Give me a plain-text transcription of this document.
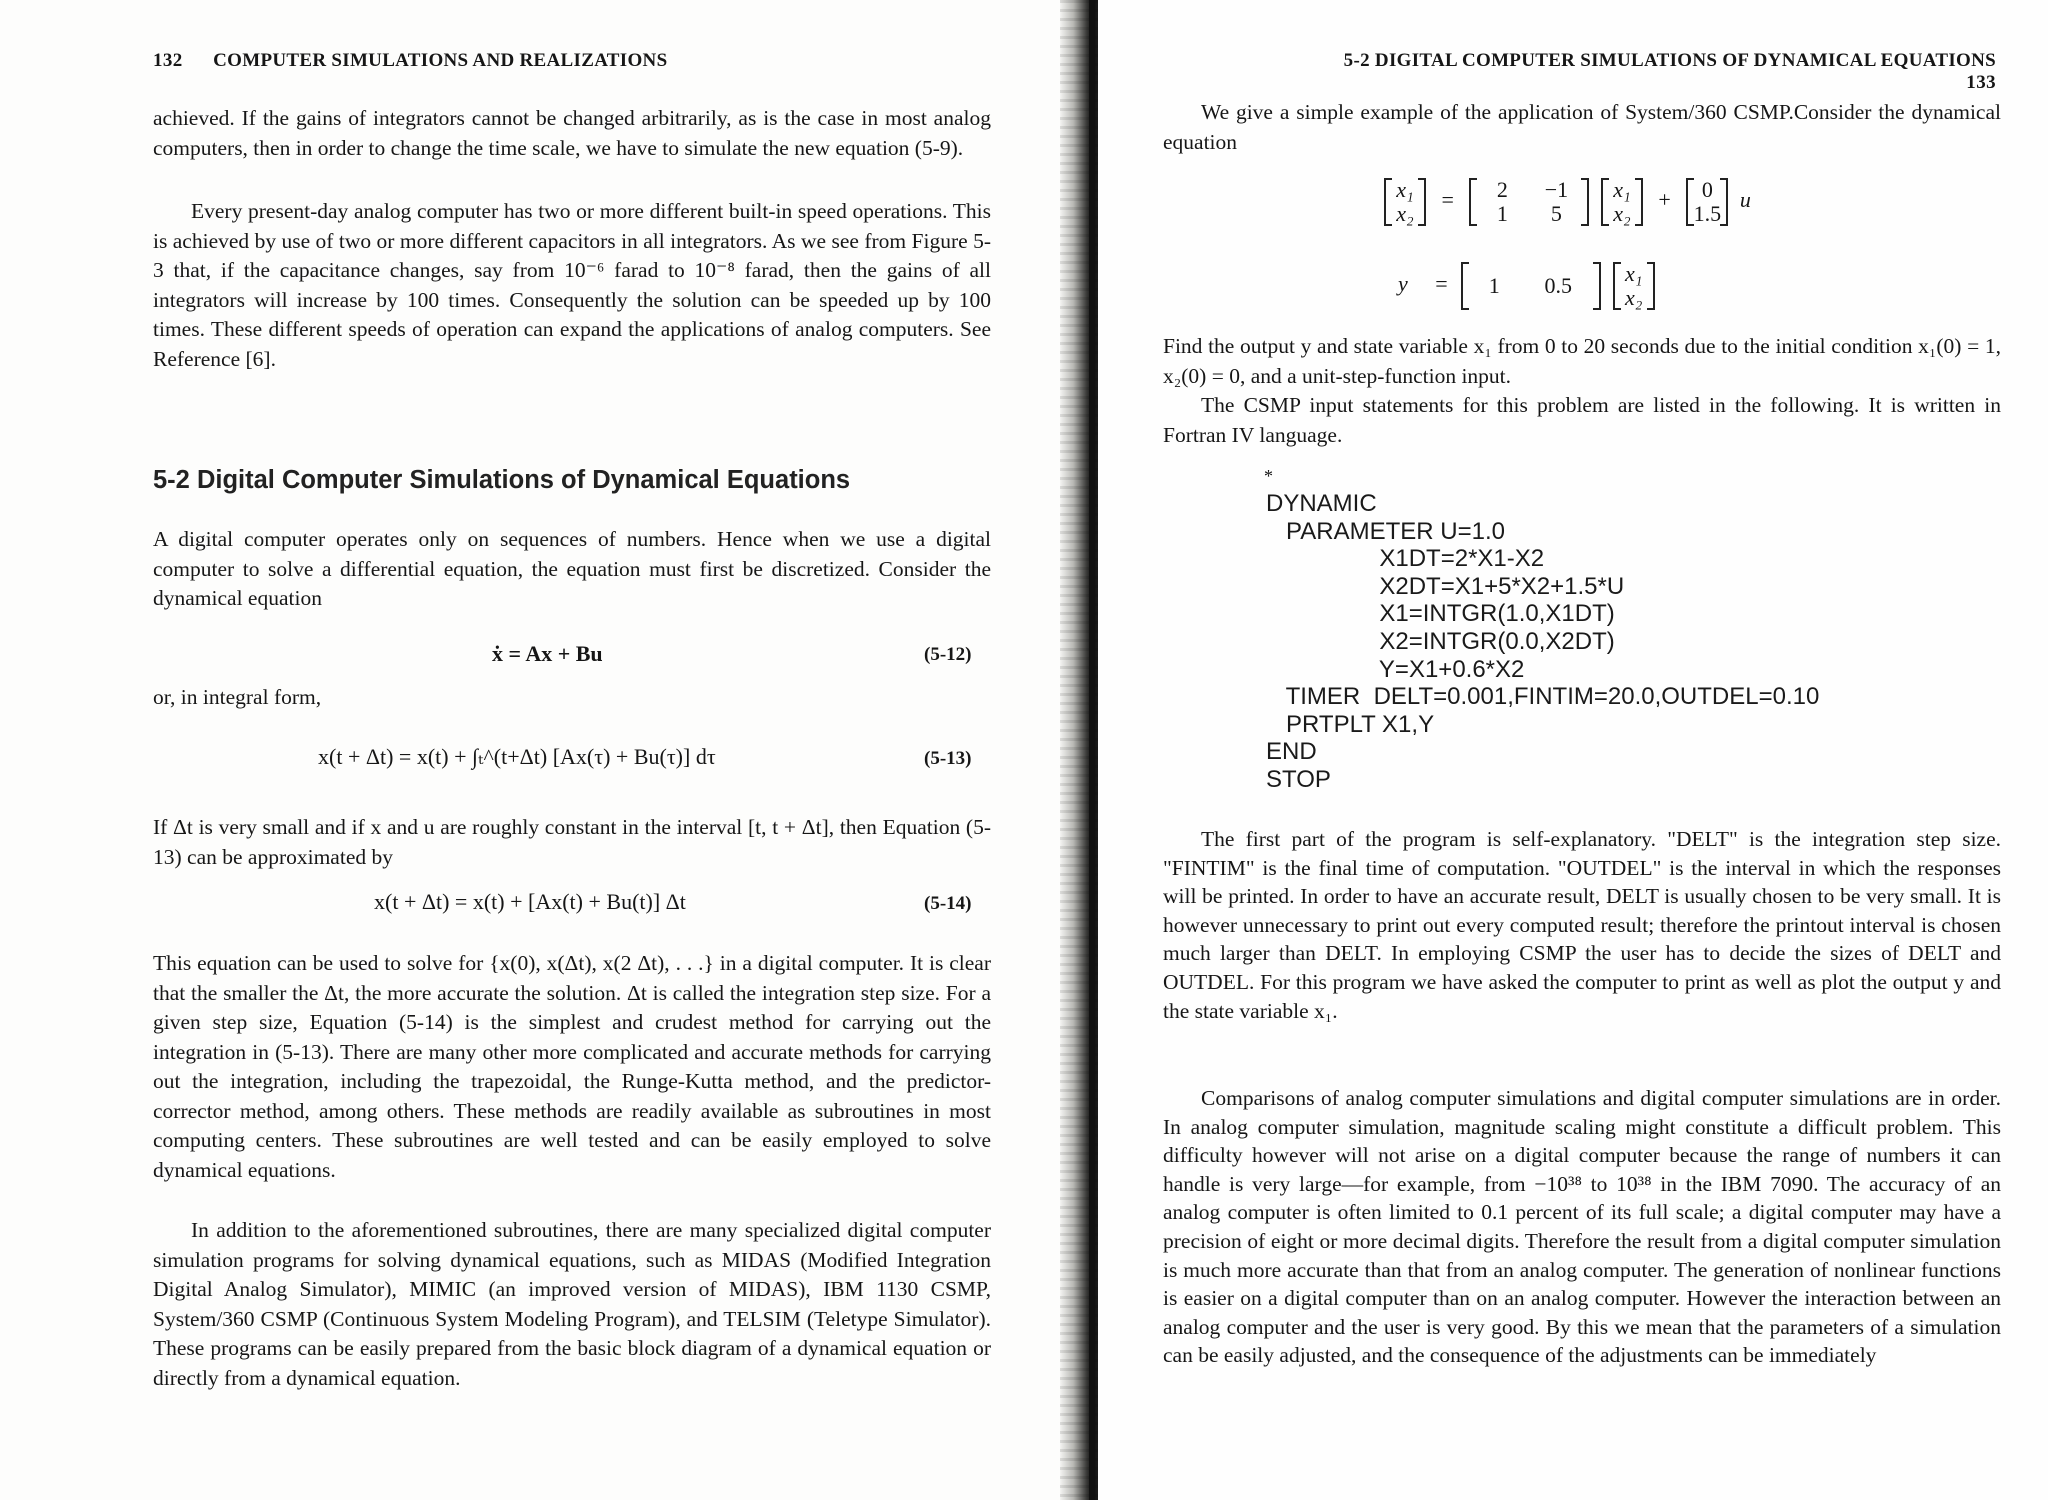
132 COMPUTER SIMULATIONS AND REALIZATIONS

achieved. If the gains of integrators cannot be changed arbitrarily, as is the case in most analog computers, then in order to change the time scale, we have to simulate the new equation (5-9).

Every present-day analog computer has two or more different built-in speed operations. This is achieved by use of two or more different capacitors in all integrators. As we see from Figure 5-3 that, if the capacitance changes, say from 10⁻⁶ farad to 10⁻⁸ farad, then the gains of all integrators will increase by 100 times. Consequently the solution can be speeded up by 100 times. These different speeds of operation can expand the applications of analog computers. See Reference [6].

5-2 Digital Computer Simulations of Dynamical Equations

A digital computer operates only on sequences of numbers. Hence when we use a digital computer to solve a differential equation, the equation must first be discretized. Consider the dynamical equation

ẋ = Ax + Bu	(5-12)
or, in integral form,
x(t + Δt) = x(t) + ∫ₜ^(t+Δt) [Ax(τ) + Bu(τ)] dτ	(5-13)

If Δt is very small and if x and u are roughly constant in the interval [t, t + Δt], then Equation (5-13) can be approximated by

x(t + Δt) = x(t) + [Ax(t) + Bu(t)] Δt	(5-14)

This equation can be used to solve for {x(0), x(Δt), x(2 Δt), . . .} in a digital computer. It is clear that the smaller the Δt, the more accurate the solution. Δt is called the integration step size. For a given step size, Equation (5-14) is the simplest and crudest method for carrying out the integration in (5-13). There are many other more complicated and accurate methods for carrying out the integration, including the trapezoidal, the Runge-Kutta method, and the predictor-corrector method, among others. These methods are readily available as subroutines in most computing centers. These subroutines are well tested and can be easily employed to solve dynamical equations.

In addition to the aforementioned subroutines, there are many specialized digital computer simulation programs for solving dynamical equations, such as MIDAS (Modified Integration Digital Analog Simulator), MIMIC (an improved version of MIDAS), IBM 1130 CSMP, System/360 CSMP (Continuous System Modeling Program), and TELSIM (Teletype Simulator). These programs can be easily prepared from the basic block diagram of a dynamical equation or directly from a dynamical equation.

5-2 DIGITAL COMPUTER SIMULATIONS OF DYNAMICAL EQUATIONS 133

We give a simple example of the application of System/360 CSMP.Consider the dynamical equation

x₁
x₂
=	2 −1
1 5

x₁
x₂
+	0
1.5
u
y =	1 0.5
	x₁
x₂

Find the output y and state variable x₁ from 0 to 20 seconds due to the initial condition x₁(0) = 1, x₂(0) = 0, and a unit-step-function input.

The CSMP input statements for this problem are listed in the following. It is written in Fortran IV language.

*
DYNAMIC
PARAMETER U=1.0
X1DT=2*X1-X2
X2DT=X1+5*X2+1.5*U
X1=INTGR(1.0,X1DT)
X2=INTGR(0.0,X2DT)
Y=X1+0.6*X2
TIMER  DELT=0.001,FINTIM=20.0,OUTDEL=0.10
PRTPLT X1,Y
END
STOP

The first part of the program is self-explanatory. "DELT" is the integration step size. "FINTIM" is the final time of computation. "OUTDEL" is the interval in which the responses will be printed. In order to have an accurate result, DELT is usually chosen to be very small. It is however unnecessary to print out every computed result; therefore the printout interval is chosen much larger than DELT. In employing CSMP the user has to decide the sizes of DELT and OUTDEL. For this program we have asked the computer to print as well as plot the output y and the state variable x₁.

Comparisons of analog computer simulations and digital computer simulations are in order. In analog computer simulation, magnitude scaling might constitute a difficult problem. This difficulty however will not arise on a digital computer because the range of numbers it can handle is very large—for example, from −10³⁸ to 10³⁸ in the IBM 7090. The accuracy of an analog computer is often limited to 0.1 percent of its full scale; a digital computer may have a precision of eight or more decimal digits. Therefore the result from a digital computer simulation is much more accurate than that from an analog computer. The generation of nonlinear functions is easier on a digital computer than on an analog computer. However the interaction between an analog computer and the user is very good. By this we mean that the parameters of a simulation can be easily adjusted, and the consequence of the adjustments can be immediately
